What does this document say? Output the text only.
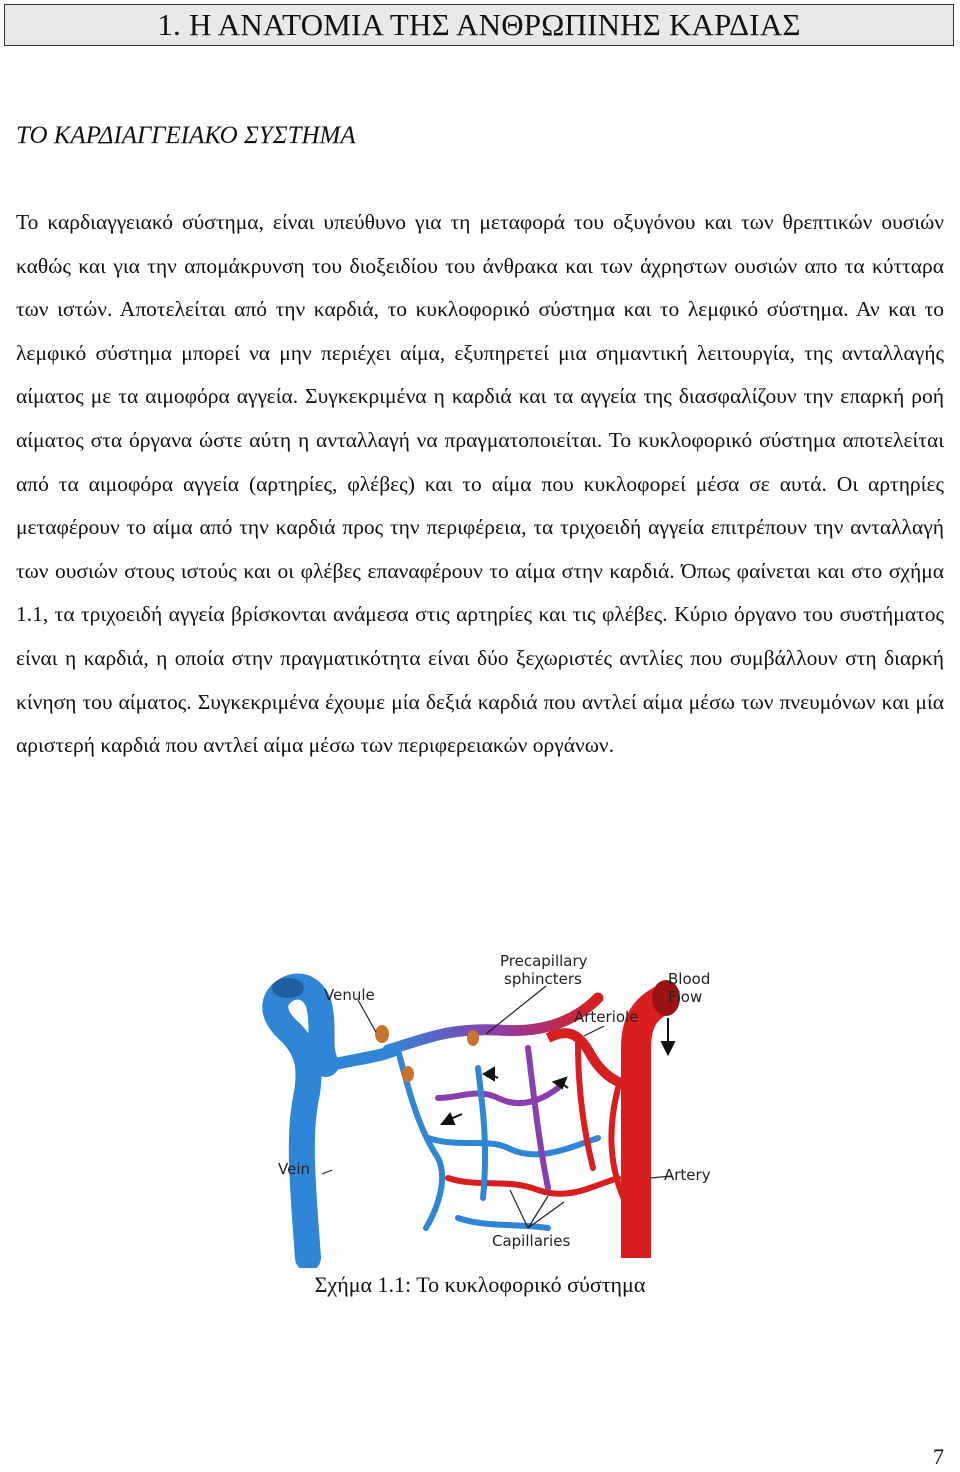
1. Η ΑΝΑΤΟΜΙΑ ΤΗΣ ΑΝΘΡΩΠΙΝΗΣ ΚΑΡΔΙΑΣ
ΤΟ ΚΑΡΔΙΑΓΓΕΙΑΚΟ ΣΥΣΤΗΜΑ
Το καρδιαγγειακό σύστημα, είναι υπεύθυνο για τη μεταφορά του οξυγόνου και των θρεπτικών ουσιών καθώς και για την απομάκρυνση του διοξειδίου του άνθρακα και των άχρηστων ουσιών απο τα κύτταρα των ιστών. Αποτελείται από την καρδιά, το κυκλοφορικό σύστημα και το λεμφικό σύστημα. Αν και το λεμφικό σύστημα μπορεί να μην περιέχει αίμα, εξυπηρετεί μια σημαντική λειτουργία, της ανταλλαγής αίματος με τα αιμοφόρα αγγεία. Συγκεκριμένα η καρδιά και τα αγγεία της διασφαλίζουν την επαρκή ροή αίματος στα όργανα ώστε αύτη η ανταλλαγή να πραγματοποιείται. Το κυκλοφορικό σύστημα αποτελείται από τα αιμοφόρα αγγεία (αρτηρίες, φλέβες) και το αίμα που κυκλοφορεί μέσα σε αυτά. Οι αρτηρίες μεταφέρουν το αίμα από την καρδιά προς την περιφέρεια, τα τριχοειδή αγγεία επιτρέπουν την ανταλλαγή των ουσιών στους ιστούς και οι φλέβες επαναφέρουν το αίμα στην καρδιά. Όπως φαίνεται και στο σχήμα 1.1, τα τριχοειδή αγγεία βρίσκονται ανάμεσα στις αρτηρίες και τις φλέβες. Κύριο όργανο του συστήματος είναι η καρδιά, η οποία στην πραγματικότητα είναι δύο ξεχωριστές αντλίες που συμβάλλουν στη διαρκή κίνηση του αίματος. Συγκεκριμένα έχουμε μία δεξιά καρδιά που αντλεί αίμα μέσω των πνευμόνων και μία αριστερή καρδιά που αντλεί αίμα μέσω των περιφερειακών οργάνων.
Venule
Precapillary
sphincters	Blood
Flow
Arteriole
Vein	Artery
Capillaries
Σχήμα 1.1: Το κυκλοφορικό σύστημα
7
